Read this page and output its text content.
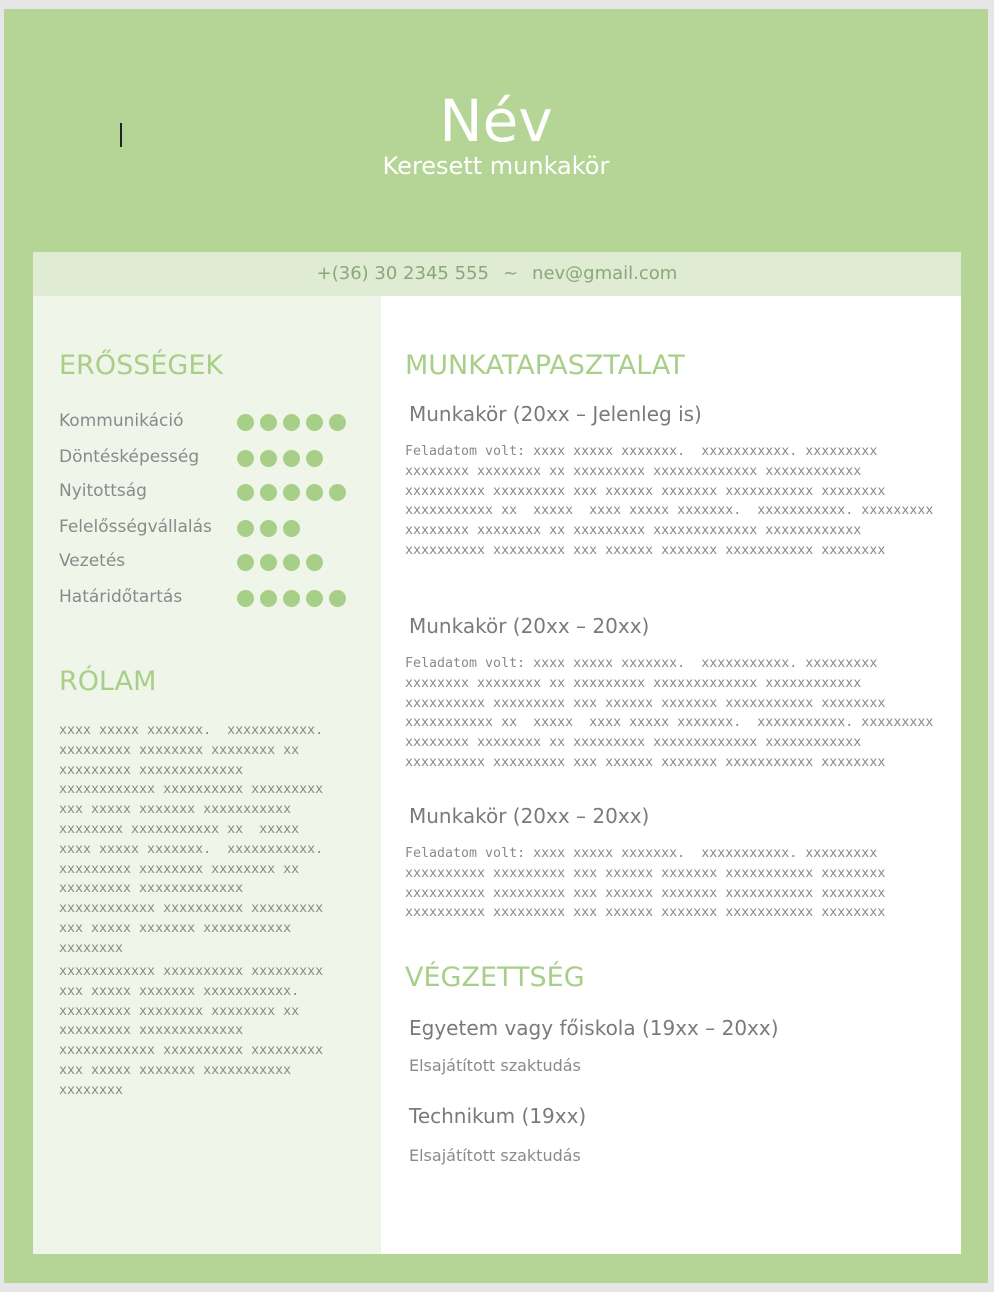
Név
Keresett munkakör
+(36) 30 2345 555 ~ nev@gmail.com
ERŐSSÉGEK
Kommunikáció
Döntésképesség
Nyitottság
Felelősségvállalás
Vezetés
Határidőtartás
RÓLAM
xxxx xxxxx xxxxxxx.  xxxxxxxxxxx.
xxxxxxxxx xxxxxxxx xxxxxxxx xx
xxxxxxxxx xxxxxxxxxxxxx
xxxxxxxxxxxx xxxxxxxxxx xxxxxxxxx
xxx xxxxx xxxxxxx xxxxxxxxxxx
xxxxxxxx xxxxxxxxxxx xx  xxxxx
xxxx xxxxx xxxxxxx.  xxxxxxxxxxx.
xxxxxxxxx xxxxxxxx xxxxxxxx xx
xxxxxxxxx xxxxxxxxxxxxx
xxxxxxxxxxxx xxxxxxxxxx xxxxxxxxx
xxx xxxxx xxxxxxx xxxxxxxxxxx
xxxxxxxx
xxxxxxxxxxxx xxxxxxxxxx xxxxxxxxx
xxx xxxxx xxxxxxx xxxxxxxxxxx.
xxxxxxxxx xxxxxxxx xxxxxxxx xx
xxxxxxxxx xxxxxxxxxxxxx
xxxxxxxxxxxx xxxxxxxxxx xxxxxxxxx
xxx xxxxx xxxxxxx xxxxxxxxxxx
xxxxxxxx
MUNKATAPASZTALAT
Munkakör (20xx – Jelenleg is)
Feladatom volt: xxxx xxxxx xxxxxxx.  xxxxxxxxxxx. xxxxxxxxx
xxxxxxxx xxxxxxxx xx xxxxxxxxx xxxxxxxxxxxxx xxxxxxxxxxxx
xxxxxxxxxx xxxxxxxxx xxx xxxxxx xxxxxxx xxxxxxxxxxx xxxxxxxx
xxxxxxxxxxx xx  xxxxx  xxxx xxxxx xxxxxxx.  xxxxxxxxxxx. xxxxxxxxx
xxxxxxxx xxxxxxxx xx xxxxxxxxx xxxxxxxxxxxxx xxxxxxxxxxxx
xxxxxxxxxx xxxxxxxxx xxx xxxxxx xxxxxxx xxxxxxxxxxx xxxxxxxx
Munkakör (20xx – 20xx)
Feladatom volt: xxxx xxxxx xxxxxxx.  xxxxxxxxxxx. xxxxxxxxx
xxxxxxxx xxxxxxxx xx xxxxxxxxx xxxxxxxxxxxxx xxxxxxxxxxxx
xxxxxxxxxx xxxxxxxxx xxx xxxxxx xxxxxxx xxxxxxxxxxx xxxxxxxx
xxxxxxxxxxx xx  xxxxx  xxxx xxxxx xxxxxxx.  xxxxxxxxxxx. xxxxxxxxx
xxxxxxxx xxxxxxxx xx xxxxxxxxx xxxxxxxxxxxxx xxxxxxxxxxxx
xxxxxxxxxx xxxxxxxxx xxx xxxxxx xxxxxxx xxxxxxxxxxx xxxxxxxx
Munkakör (20xx – 20xx)
Feladatom volt: xxxx xxxxx xxxxxxx.  xxxxxxxxxxx. xxxxxxxxx
xxxxxxxxxx xxxxxxxxx xxx xxxxxx xxxxxxx xxxxxxxxxxx xxxxxxxx
xxxxxxxxxx xxxxxxxxx xxx xxxxxx xxxxxxx xxxxxxxxxxx xxxxxxxx
xxxxxxxxxx xxxxxxxxx xxx xxxxxx xxxxxxx xxxxxxxxxxx xxxxxxxx
VÉGZETTSÉG
Egyetem vagy főiskola (19xx – 20xx)
Elsajátított szaktudás
Technikum (19xx)
Elsajátított szaktudás
